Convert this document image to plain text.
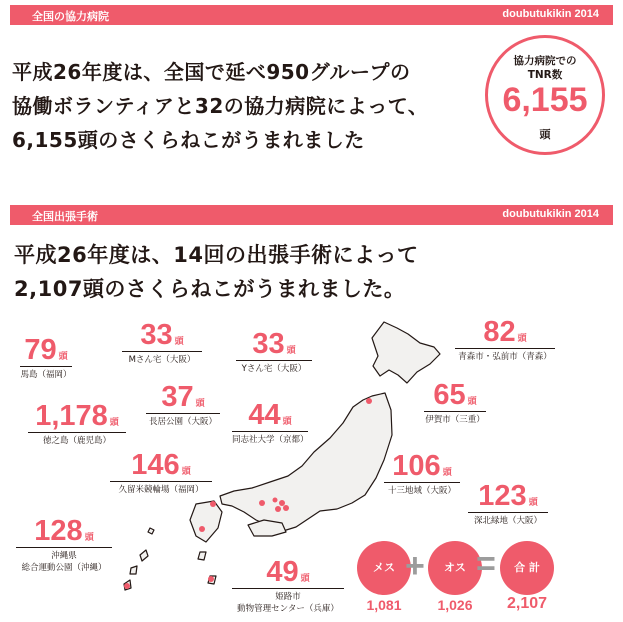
全国の協力病院	doubutukikin 2014
平成26年度は、全国で延べ950グループの
協働ボランティアと32の協力病院によって、
6,155頭のさくらねこがうまれました
協力病院での
TNR数
6,155
頭
全国出張手術	doubutukikin 2014
平成26年度は、14回の出張手術によって
2,107頭のさくらねこがうまれました。
79 頭
馬島（福岡）
33 頭
Mさん宅（大阪）	33 頭
Yさん宅（大阪）
82 頭
青森市・弘前市（青森）
37 頭
長居公園（大阪）
65 頭
伊賀市（三重）
1,178 頭
徳之島（鹿児島）
44 頭
同志社大学（京都）
146 頭
久留米競輪場（福岡）
106 頭
十三地域（大阪） 123 頭
深北緑地（大阪）
128 頭
沖縄県
総合運動公園（沖縄）	49 頭
姫路市
動物管理センター（兵庫）
メス +	オス =	合 計
1,081	1,026	2,107
